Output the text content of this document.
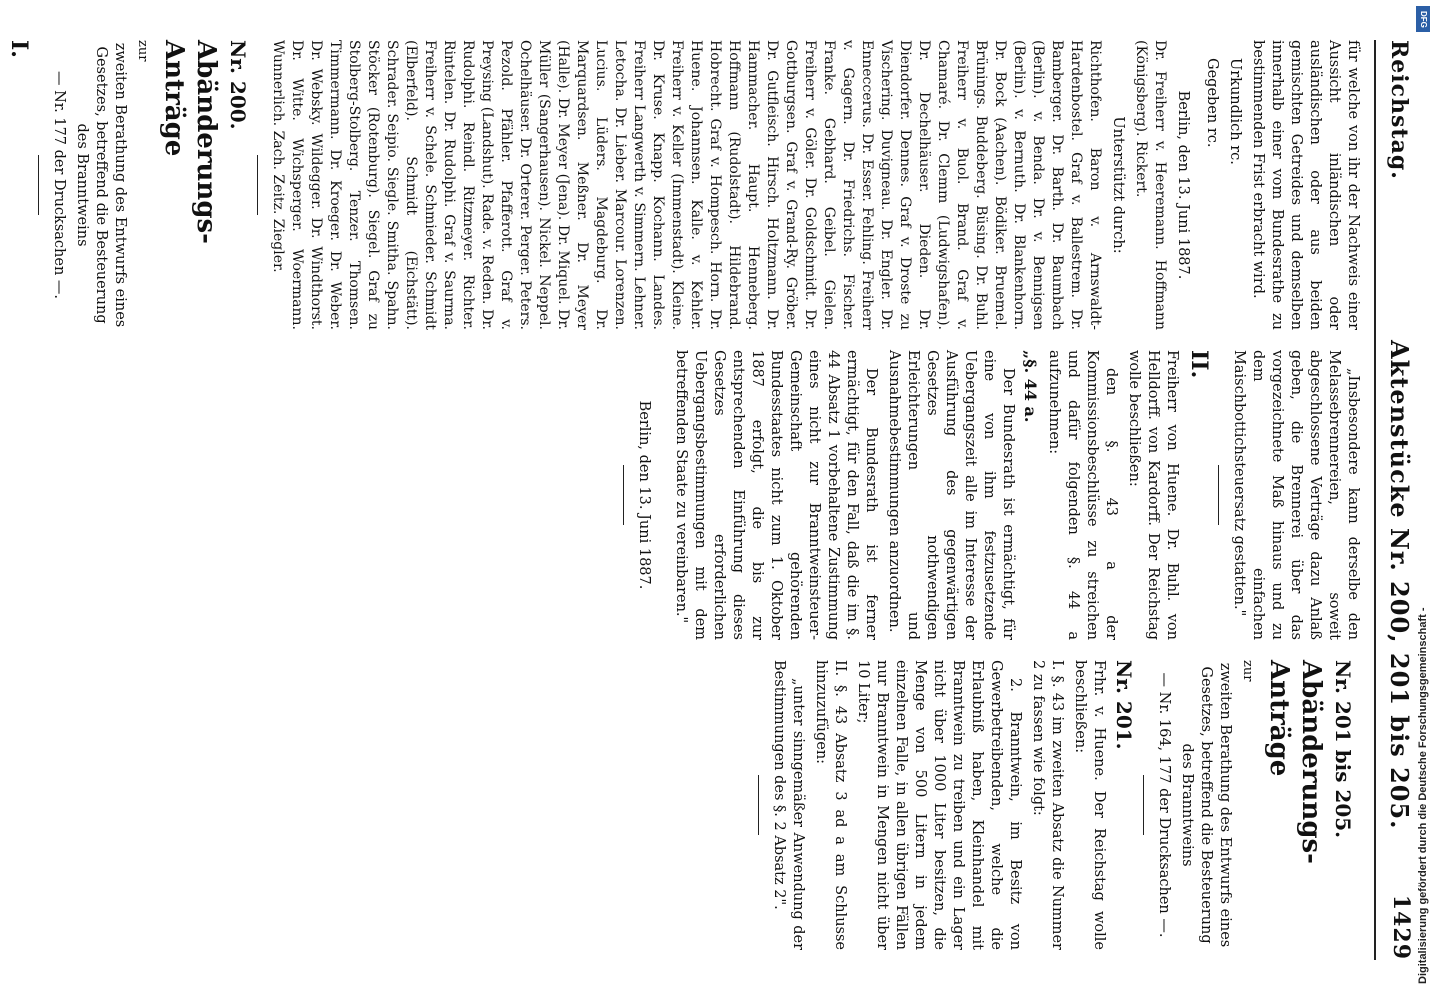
Reichstag.
Aktenstücke Nr. 200, 201 bis 205.
1429

für welche von ihr der Nachweis einer Aussicht inländischen oder ausländischen oder aus beiden gemischten Getreides und demselben innerhalb einer vom Bundesrathe zu bestimmenden Frist erbracht wird.

Urkundlich rc.

Gegeben rc.

Berlin, den 13. Juni 1887.

Dr. Freiherr v. Heeremann. Hoffmann (Königsberg). Rickert.

Unterstützt durch:

Richthofen. Baron v. Arnswaldt-Hardenbostel. Graf v. Ballestrem. Dr. Bamberger. Dr. Barth. Dr. Baumbach (Berlin). v. Benda. Dr. v. Bennigsen (Berlin). v. Bernuth. Dr. Blankenhorn. Dr. Bock (Aachen). Bödiker. Bruemel. Brünings. Buddeberg. Büsing. Dr. Buhl. Freiherr v. Buol. Brand. Graf v. Chamaré. Dr. Clemm (Ludwigshafen). Dr. Dechelhäuser. Dieden. Dr. Diendorfer. Dennes. Graf v. Droste zu Vischering. Duvigneau. Dr. Engler. Dr. Enneccerus. Dr. Esser. Fehling. Freiherr v. Gagern. Dr. Friedrichs. Fischer. Franke. Gebhard. Geibel. Gielen. Freiherr v. Göler. Dr. Goldschmidt. Dr. Gottburgsen. Graf v. Grand-Ry. Gröber. Dr. Gutfleisch. Hirsch. Holtzmann. Dr. Hammacher. Haupt. Henneberg. Hoffmann (Rudolstadt). Hildebrand. Hobrecht. Graf v. Hompesch. Horn. Dr. Huene. Johannsen. Kalle. v. Kehler. Freiherr v. Keller (Immenstadt). Kleine. Dr. Kruse. Knapp. Kochann. Landes. Freiherr Langwerth v. Simmern. Lehner. Letocha. Dr. Lieber. Marcour. Lorenzen. Lucius. Lüders. Magdeburg. Dr. Marquardsen. Meßner. Dr. Meyer (Halle). Dr. Meyer (Jena). Dr. Miquel. Dr. Müller (Sangerhausen). Nickel. Neppel. Ochelhäuser. Dr. Orterer. Perger. Peters. Pezold. Pfähler. Pfafferott. Graf v. Preysing (Landshut). Rade. v. Reden. Dr. Rudolphi. Reindl. Ritzmeyer. Richter. Rintelen. Dr. Rudolphi. Graf v. Saurma. Freiherr v. Schele. Schmieder. Schmidt (Elberfeld). Schmidt (Eichstätt). Schrader. Seipio. Siegle. Smitha. Spahn. Stöcker (Rotenburg). Siegel. Graf zu Stolberg-Stolberg. Tenzer. Thomsen. Timmermann. Dr. Kroeger. Dr. Weber. Dr. Websky. Wildegger. Dr. Windthorst. Dr. Witte. Wichsperger. Woermann. Wunnerlich. Zach. Zeitz. Ziegler.

Nr. 200.

Abänderungs-Anträge

zur

zweiten Berathung des Entwurfs eines Gesetzes, betreffend die Besteuerung des Branntweins

— Nr. 177 der Drucksachen —.

I.

„Insbesondere kann derselbe den Melassebrennereien, soweit abgeschlossene Verträge dazu Anlaß geben, die Brennerei über das vorgezeichnete Maß hinaus und zu dem einfachen Maischbottichsteuersatz gestatten."

II.

Freiherr von Huene. Dr. Buhl. von Helldorff. von Kardorff. Der Reichstag wolle beschließen:

den §. 43 a der Kommissionsbeschlüsse zu streichen und dafür folgenden §. 44 a aufzunehmen:

„§. 44 a.

Der Bundesrath ist ermächtigt, für eine von ihm festzusetzende Uebergangszeit alle im Interesse der Ausführung des gegenwärtigen Gesetzes nothwendigen Erleichterungen und Ausnahmebestimmungen anzuordnen.

Der Bundesrath ist ferner ermächtigt, für den Fall, daß die im §. 44 Absatz 1 vorbehaltene Zustimmung eines nicht zur Branntweinsteuer-Gemeinschaft gehörenden Bundesstaates nicht zum 1. Oktober 1887 erfolgt, die bis zur entsprechenden Einführung dieses Gesetzes erforderlichen Uebergangsbestimmungen mit dem betreffenden Staate zu vereinbaren."

Berlin, den 13. Juni 1887.

Nr. 201 bis 205.

Abänderungs-Anträge

zur

zweiten Berathung des Entwurfs eines Gesetzes, betreffend die Besteuerung des Branntweins

— Nr. 164, 177 der Drucksachen —.

Nr. 201.

Frhr. v. Huene. Der Reichstag wolle beschließen:

I. §. 43 im zweiten Absatz die Nummer 2 zu fassen wie folgt:

2. Branntwein, im Besitz von Gewerbetreibenden, welche die Erlaubniß haben, Kleinhandel mit Branntwein zu treiben und ein Lager nicht über 1000 Liter besitzen, die Menge von 500 Litern in jedem einzelnen Falle, in allen übrigen Fällen nur Branntwein in Mengen nicht über 10 Liter;

II. §. 43 Absatz 3 ad a am Schlusse hinzuzufügen:

„unter sinngemäßer Anwendung der Bestimmungen des §. 2 Absatz 2".	Digitalisierung gefördert durch die Deutsche Forschungsgemeinschaft -
DFG
